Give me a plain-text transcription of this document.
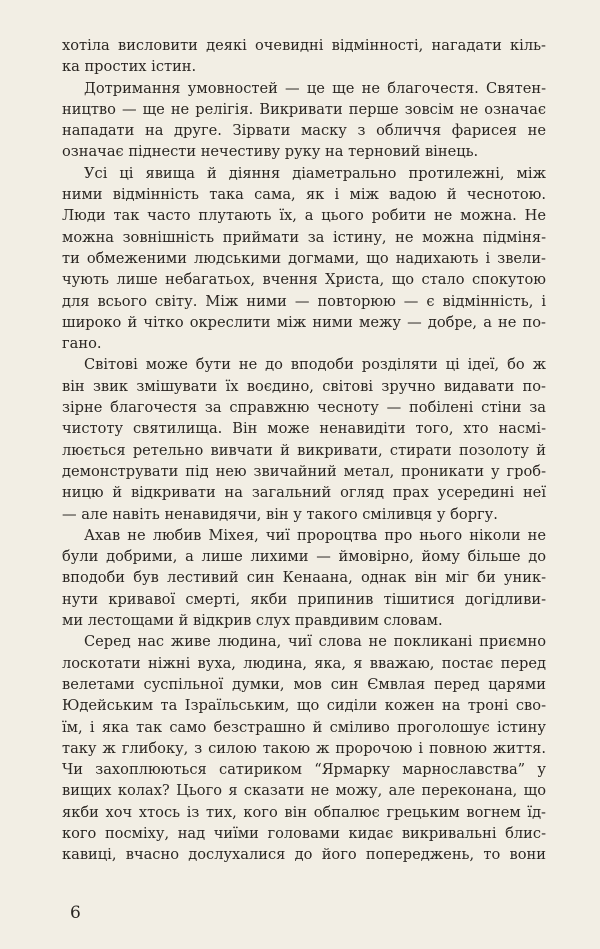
хотіла висловити деякі очевидні відмінності, нагадати кіль-
ка простих істин.
Дотримання умовностей — це ще не благочестя. Святен-
ництво — ще не релігія. Викривати перше зовсім не означає
нападати на друге. Зірвати маску з обличчя фарисея не
означає піднести нечестиву руку на терновий вінець.
Усі ці явища й діяння діаметрально протилежні, між
ними відмінність така сама, як і між вадою й чеснотою.
Люди так часто плутають їх, а цього робити не можна. Не
можна зовнішність приймати за істину, не можна підміня-
ти обмеженими людськими догмами, що надихають і звели-
чують лише небагатьох, вчення Христа, що стало спокутою
для всього світу. Між ними — повторюю — є відмінність, і
широко й чітко окреслити між ними межу — добре, а не по-
гано.
Світові може бути не до вподоби розділяти ці ідеї, бо ж
він звик змішувати їх воєдино, світові зручно видавати по-
зірне благочестя за справжню чесноту — побілені стіни за
чистоту святилища. Він може ненавидіти того, хто насмі-
люється ретельно вивчати й викривати, стирати позолоту й
демонструвати під нею звичайний метал, проникати у гроб-
ницю й відкривати на загальний огляд прах усередині неї
— але навіть ненавидячи, він у такого сміливця у боргу.
Ахав не любив Міхея, чиї пророцтва про нього ніколи не
були добрими, а лише лихими — ймовірно, йому більше до
вподоби був лестивий син Кенаана, однак він міг би уник-
нути кривавої смерті, якби припинив тішитися догідливи-
ми лестощами й відкрив слух правдивим словам.
Серед нас живе людина, чиї слова не покликані приємно
лоскотати ніжні вуха, людина, яка, я вважаю, постає перед
велетами суспільної думки, мов син Ємвлая перед царями
Юдейським та Ізраїльським, що сиділи кожен на троні сво-
їм, і яка так само безстрашно й сміливо проголошує істину
таку ж глибоку, з силою такою ж пророчою і повною життя.
Чи захоплюються сатириком “Ярмарку марнославства” у
вищих колах? Цього я сказати не можу, але переконана, що
якби хоч хтось із тих, кого він обпалює грецьким вогнем їд-
кого посміху, над чиїми головами кидає викривальні блис-
кавиці, вчасно дослухалися до його попереджень, то вони
6
